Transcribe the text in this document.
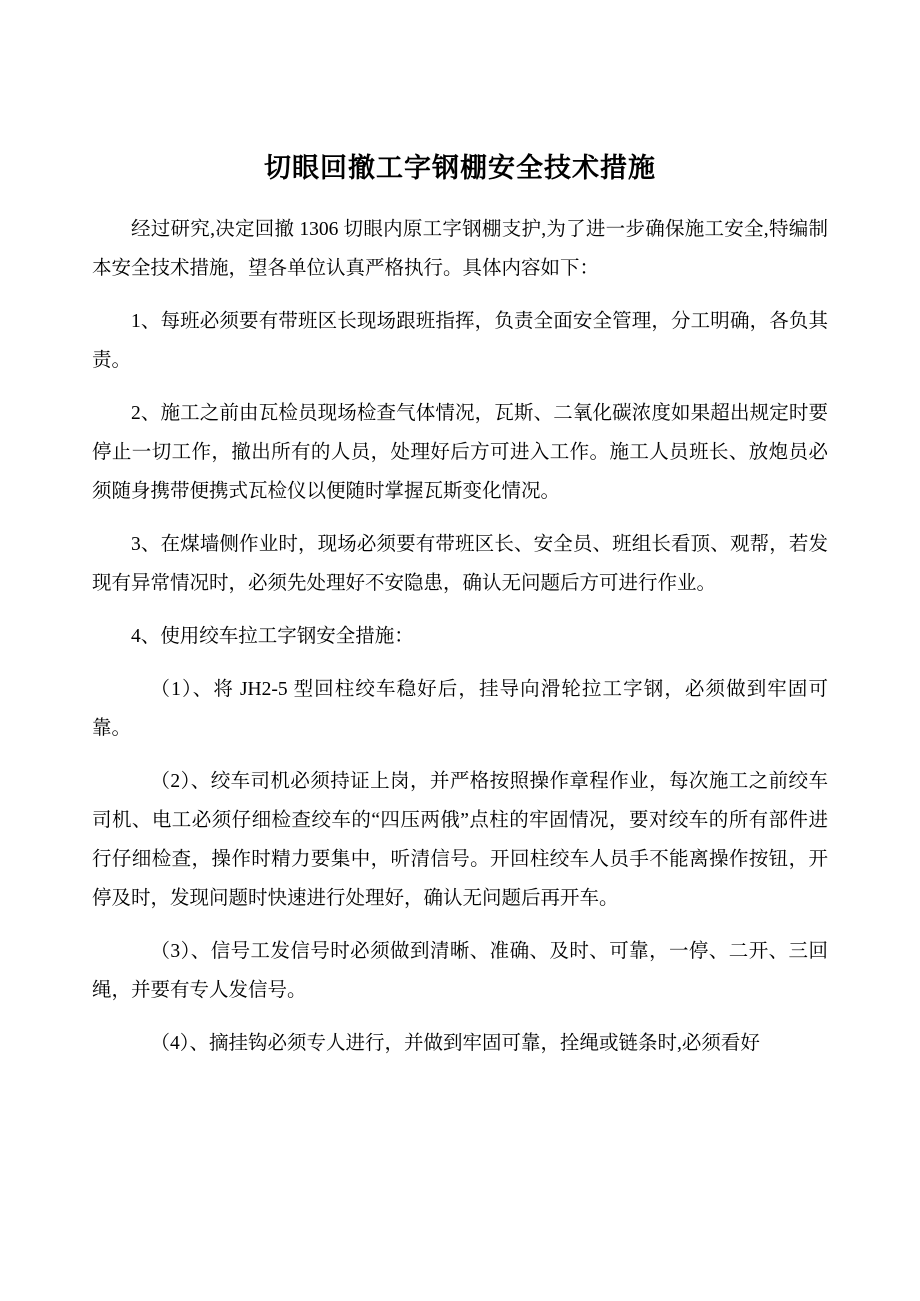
切眼回撤工字钢棚安全技术措施

经过研究,决定回撤 1306 切眼内原工字钢棚支护,为了进一步确保施工安全,特编制本安全技术措施，望各单位认真严格执行。具体内容如下：

1、每班必须要有带班区长现场跟班指挥，负责全面安全管理，分工明确，各负其责。

2、施工之前由瓦检员现场检查气体情况，瓦斯、二氧化碳浓度如果超出规定时要停止一切工作，撤出所有的人员，处理好后方可进入工作。施工人员班长、放炮员必须随身携带便携式瓦检仪以便随时掌握瓦斯变化情况。

3、在煤墙侧作业时，现场必须要有带班区长、安全员、班组长看顶、观帮，若发现有异常情况时，必须先处理好不安隐患，确认无问题后方可进行作业。

4、使用绞车拉工字钢安全措施：

（1）、将 JH2-5 型回柱绞车稳好后，挂导向滑轮拉工字钢，必须做到牢固可靠。

（2）、绞车司机必须持证上岗，并严格按照操作章程作业，每次施工之前绞车司机、电工必须仔细检查绞车的“四压两俄”点柱的牢固情况，要对绞车的所有部件进行仔细检查，操作时精力要集中，听清信号。开回柱绞车人员手不能离操作按钮，开停及时，发现问题时快速进行处理好，确认无问题后再开车。

（3）、信号工发信号时必须做到清晰、准确、及时、可靠，一停、二开、三回绳，并要有专人发信号。

（4）、摘挂钩必须专人进行，并做到牢固可靠，拴绳或链条时,必须看好
